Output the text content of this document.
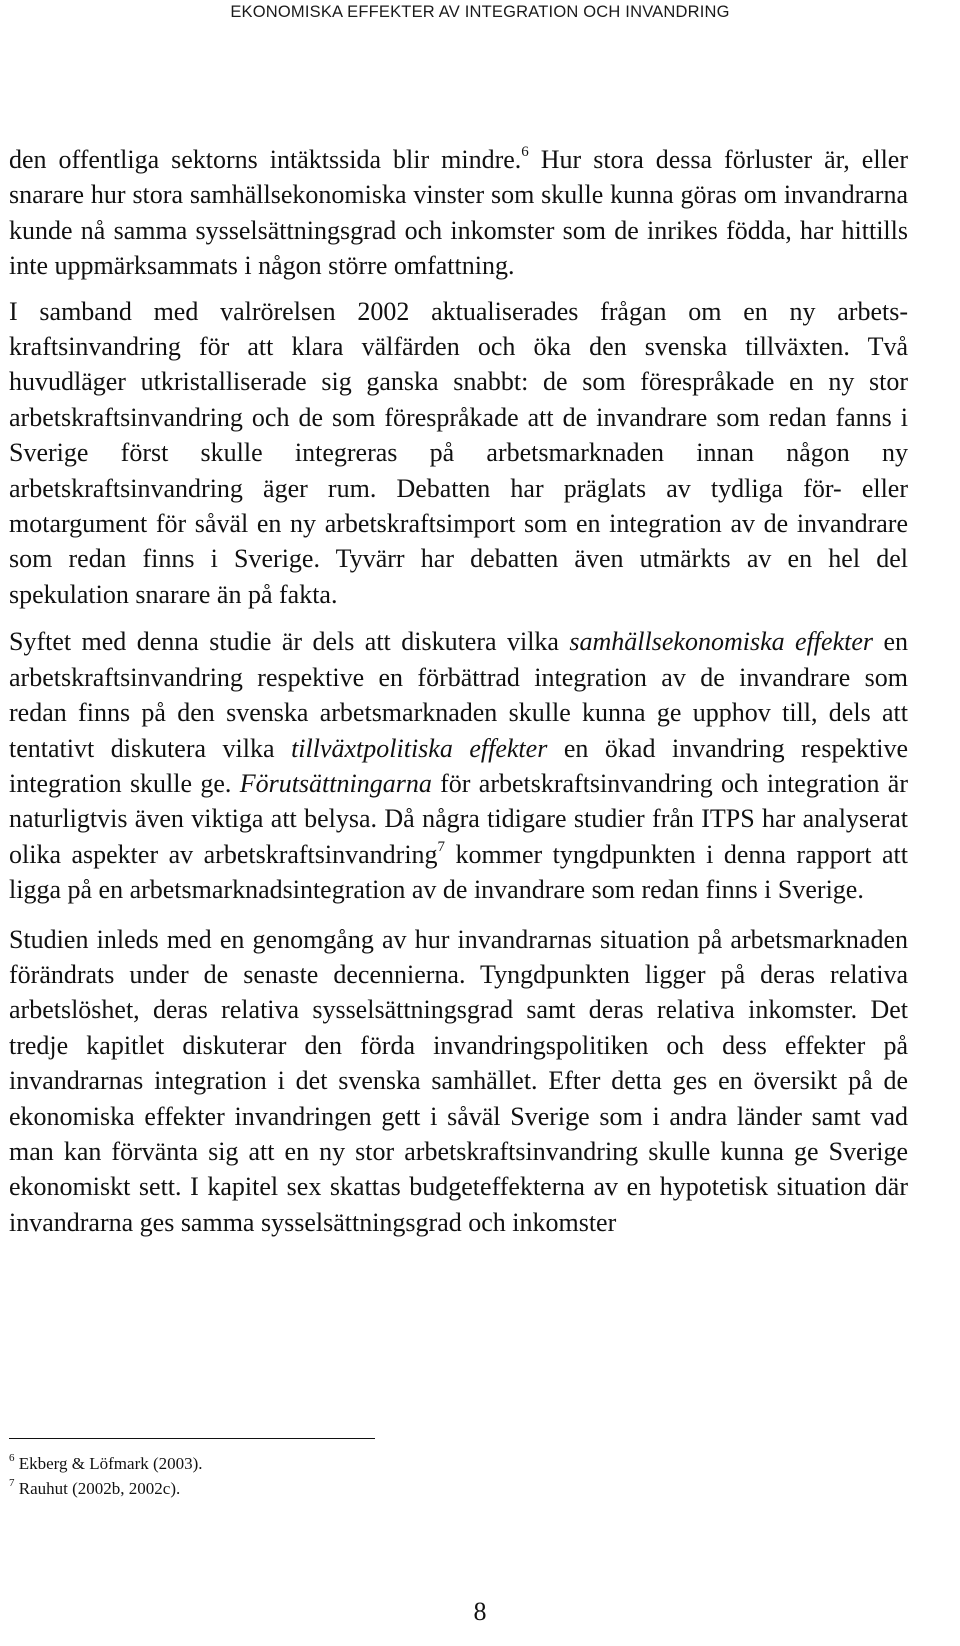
EKONOMISKA EFFEKTER AV INTEGRATION OCH INVANDRING

den offentliga sektorns intäktssida blir mindre.$^6$ Hur stora dessa förluster är, eller snarare hur stora samhällsekonomiska vinster som skulle kunna göras om invandrarna kunde nå samma sysselsättningsgrad och inkomster som de inrikes födda, har hittills inte uppmärksammats i någon större omfattning.

I samband med valrörelsen 2002 aktualiserades frågan om en ny arbetskraftsinvandring för att klara välfärden och öka den svenska tillväxten. Två huvudläger utkristalliserade sig ganska snabbt: de som förespråkade en ny stor arbetskraftsinvandring och de som förespråkade att de invandrare som redan fanns i Sverige först skulle integreras på arbetsmarknaden innan någon ny arbetskraftsinvandring äger rum. Debatten har präglats av tydliga för- eller motargument för såväl en ny arbetskraftsimport som en integration av de invandrare som redan finns i Sverige. Tyvärr har debatten även utmärkts av en hel del spekulation snarare än på fakta.

Syftet med denna studie är dels att diskutera vilka samhällsekonomiska effekter en arbetskraftsinvandring respektive en förbättrad integration av de invandrare som redan finns på den svenska arbetsmarknaden skulle kunna ge upphov till, dels att tentativt diskutera vilka tillväxtpolitiska effekter en ökad invandring respektive integration skulle ge. Förutsättningarna för arbetskraftsinvandring och integration är naturligtvis även viktiga att belysa. Då några tidigare studier från ITPS har analyserat olika aspekter av arbetskraftsinvandring$^7$ kommer tyngdpunkten i denna rapport att ligga på en arbetsmarknadsintegration av de invandrare som redan finns i Sverige.

Studien inleds med en genomgång av hur invandrarnas situation på arbetsmarknaden förändrats under de senaste decennierna. Tyngdpunkten ligger på deras relativa arbetslöshet, deras relativa sysselsättningsgrad samt deras relativa inkomster. Det tredje kapitlet diskuterar den förda invandringspolitiken och dess effekter på invandrarnas integration i det svenska samhället. Efter detta ges en översikt på de ekonomiska effekter invandringen gett i såväl Sverige som i andra länder samt vad man kan förvänta sig att en ny stor arbetskraftsinvandring skulle kunna ge Sverige ekonomiskt sett. I kapitel sex skattas budgeteffekterna av en hypotetisk situation där invandrarna ges samma sysselsättningsgrad och inkomster

$^6$ Ekberg & Löfmark (2003).

$^7$ Rauhut (2002b, 2002c).

8
